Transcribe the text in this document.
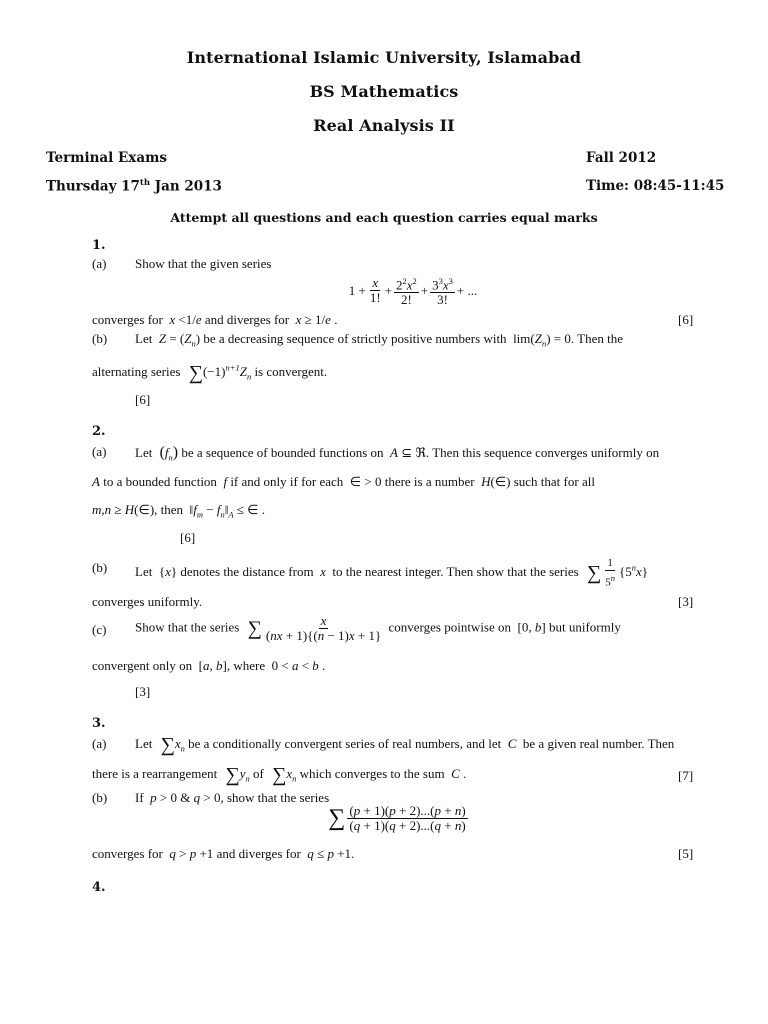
International Islamic University, Islamabad
BS Mathematics
Real Analysis II
Terminal Exams	Fall 2012
Thursday 17th Jan 2013	Time: 08:45-11:45
Attempt all questions and each question carries equal marks
1.
(a) Show that the given series
$1 + \frac{x}{1!} + \frac{2^2x^2}{2!} + \frac{3^3x^3}{3!}$ + ...
converges for  x <1/e and diverges for  x ≥ 1/e .	[6]
(b) Let  $Z = (Z_n)$ be a decreasing sequence of strictly positive numbers with  $\lim(Z_n) = 0$. Then the
alternating series  $\sum(-1)^{n+1}Z_n$ is convergent.
[6]
2.
(a) Let  $(f_n)$ be a sequence of bounded functions on  A ⊆ ℜ. Then this sequence converges uniformly on
A to a bounded function  f if and only if for each  ∈ > 0 there is a number  H(∈) such that for all
m,n ≥ H(∈), then  $‖f_m$ − $f_n‖_A$ ≤ ∈ .
[6]
(b) Let  {x} denotes the distance from  x  to the nearest integer. Then show that the series  ∑ $\frac{1}{5^n} \{5^nx\}$
converges uniformly.	[3]
(c) Show that the series  ∑ $\frac{x}{(nx + 1)\{(n - 1)x + 1\}}$ converges pointwise on  [0, b] but uniformly
convergent only on  [a, b], where  0 < a < b .
[3]
3.
(a) Let  $\sum x_n$ be a conditionally convergent series of real numbers, and let  C  be a given real number. Then
there is a rearrangement  $\sum y_n$ of  $\sum x_n$ which converges to the sum  C .	[7]
(b) If  p > 0 & q > 0, show that the series
∑ $\frac{(p + 1)(p + 2)...(p + n)}{(q + 1)(q + 2)...(q + n)}$
converges for  q > p +1 and diverges for  q ≤ p +1.	[5]
4.
